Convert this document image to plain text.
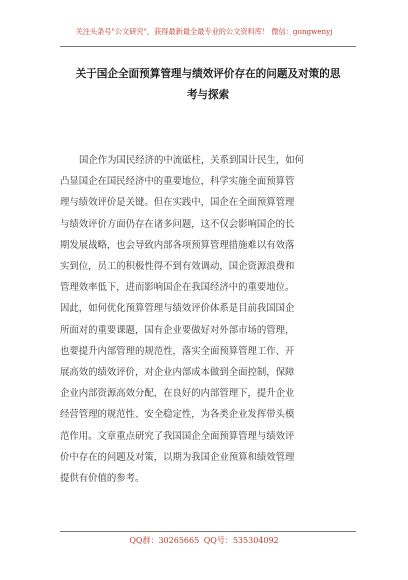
关注头条号"公文研究"，获得最新最全最专业的公文资料库！ 微信：gongwenyj
关于国企全面预算管理与绩效评价存在的问题及对策的思
考与探索
国企作为国民经济的中流砥柱，关系到国计民生，如何
凸显国企在国民经济中的重要地位，科学实施全面预算管
理与绩效评价是关键。但在实践中，国企在全面预算管理
与绩效评价方面仍存在诸多问题，这不仅会影响国企的长
期发展战略，也会导致内部各项预算管理措施难以有效落
实到位，员工的积极性得不到有效调动，国企资源浪费和
管理效率低下，进而影响国企在我国经济中的重要地位。
因此，如何优化预算管理与绩效评价体系是目前我国国企
所面对的重要课题，国有企业要做好对外部市场的管理，
也要提升内部管理的规范性，落实全面预算管理工作、开
展高效的绩效评价，对企业内部成本做到全面控制，保障
企业内部资源高效分配，在良好的内部管理下，提升企业
经营管理的规范性、安全稳定性，为各类企业发挥带头模
范作用。文章重点研究了我国国企全面预算管理与绩效评
价中存在的问题及对策，以期为我国企业预算和绩效管理
提供有价值的参考。
QQ群：30265665 QQ号：535304092
